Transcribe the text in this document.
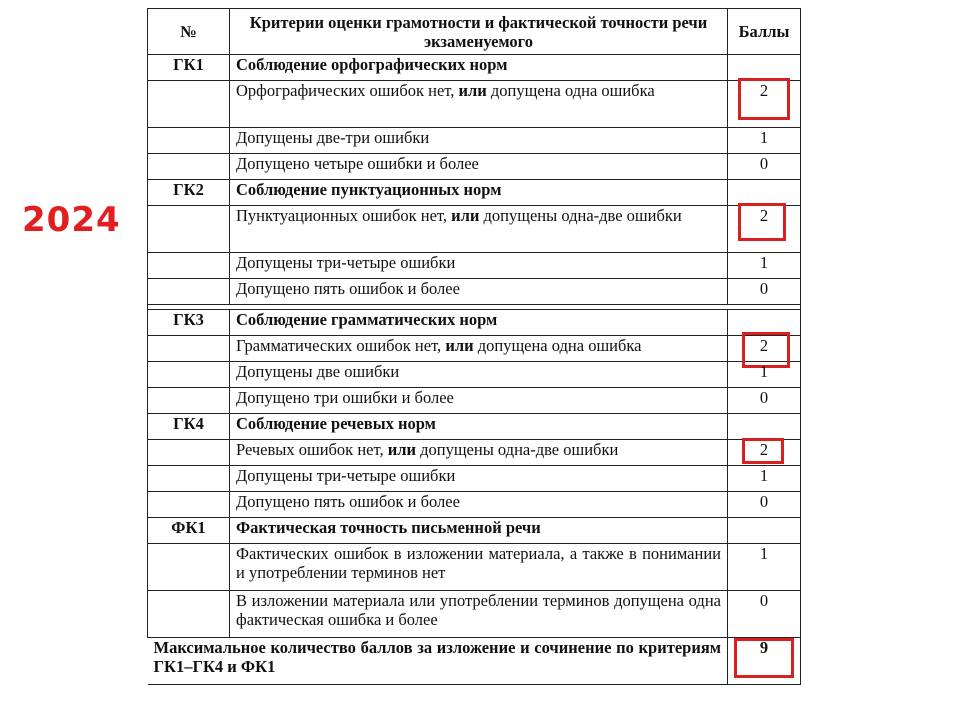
2024
№	Критерии оценки грамотности и фактической точности речи экзаменуемого	Баллы
ГК1	Соблюдение орфографических норм	
	Орфографических ошибок нет, или допущена одна ошибка	2

	Допущены две-три ошибки	1
	Допущено четыре ошибки и более	0
ГК2	Соблюдение пунктуационных норм	
	Пунктуационных ошибок нет, или допущены одна-две ошибки	2

	Допущены три-четыре ошибки	1
	Допущено пять ошибок и более	0

ГК3	Соблюдение грамматических норм	
	Грамматических ошибок нет, или допущена одна ошибка	2

	Допущены две ошибки	1
	Допущено три ошибки и более	0
ГК4	Соблюдение речевых норм	
	Речевых ошибок нет, или допущены одна-две ошибки	2

	Допущены три-четыре ошибки	1
	Допущено пять ошибок и более	0
ФК1	Фактическая точность письменной речи	
	Фактических ошибок в изложении материала, а также в понимании и употреблении терминов нет	1
	В изложении материала или употреблении терминов допущена одна фактическая ошибка и более	0
Максимальное количество баллов за изложение и сочинение по критериям ГК1–ГК4 и ФК1		9
